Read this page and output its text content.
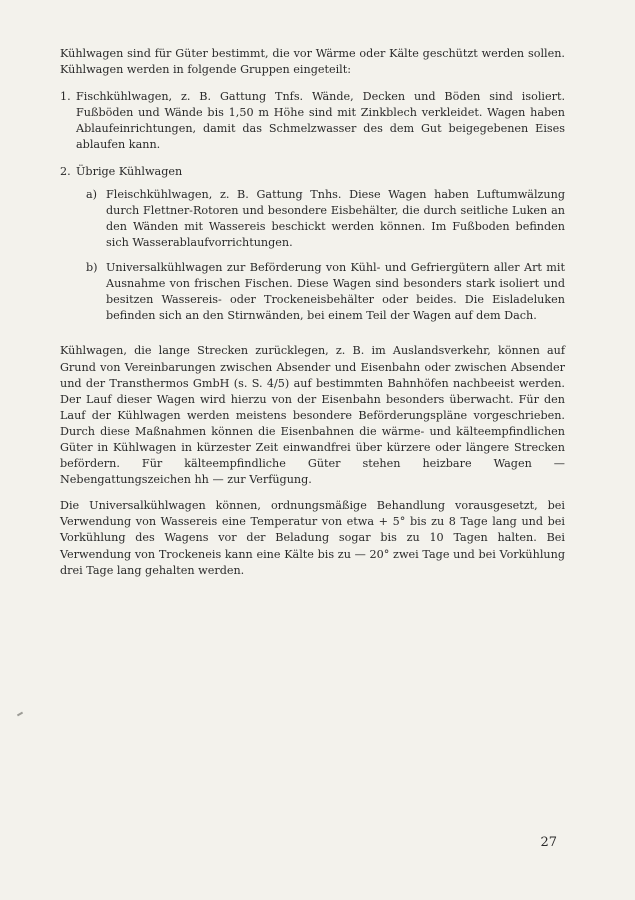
Kühlwagen sind für Güter bestimmt, die vor Wärme oder Kälte geschützt werden sollen. Kühlwagen werden in folgende Gruppen eingeteilt:

1. Fischkühlwagen, z. B. Gattung Tnfs. Wände, Decken und Böden sind isoliert. Fußböden und Wände bis 1,50 m Höhe sind mit Zinkblech verkleidet. Wagen haben Ablaufeinrichtungen, damit das Schmelzwasser des dem Gut beigegebenen Eises ablaufen kann.

2. Übrige Kühlwagen

a) Fleischkühlwagen, z. B. Gattung Tnhs. Diese Wagen haben Luftumwälzung durch Flettner-Rotoren und besondere Eisbehälter, die durch seitliche Luken an den Wänden mit Wassereis beschickt werden können. Im Fußboden befinden sich Wasserablaufvorrichtungen.

b) Universalkühlwagen zur Beförderung von Kühl- und Gefriergütern aller Art mit Ausnahme von frischen Fischen. Diese Wagen sind besonders stark isoliert und besitzen Wassereis- oder Trockeneisbehälter oder beides. Die Eisladeluken befinden sich an den Stirnwänden, bei einem Teil der Wagen auf dem Dach.

Kühlwagen, die lange Strecken zurücklegen, z. B. im Auslandsverkehr, können auf Grund von Vereinbarungen zwischen Absender und Eisenbahn oder zwischen Absender und der Transthermos GmbH (s. S. 4/5) auf bestimmten Bahnhöfen nachbeeist werden. Der Lauf dieser Wagen wird hierzu von der Eisenbahn besonders überwacht. Für den Lauf der Kühlwagen werden meistens besondere Beförderungspläne vorgeschrieben. Durch diese Maßnahmen können die Eisenbahnen die wärme- und kälteempfindlichen Güter in Kühlwagen in kürzester Zeit einwandfrei über kürzere oder längere Strecken befördern. Für kälteempfindliche Güter stehen heizbare Wagen — Nebengattungszeichen hh — zur Verfügung.

Die Universalkühlwagen können, ordnungsmäßige Behandlung vorausgesetzt, bei Verwendung von Wassereis eine Temperatur von etwa + 5° bis zu 8 Tage lang und bei Vorkühlung des Wagens vor der Beladung sogar bis zu 10 Tagen halten. Bei Verwendung von Trockeneis kann eine Kälte bis zu — 20° zwei Tage und bei Vorkühlung drei Tage lang gehalten werden.

27
